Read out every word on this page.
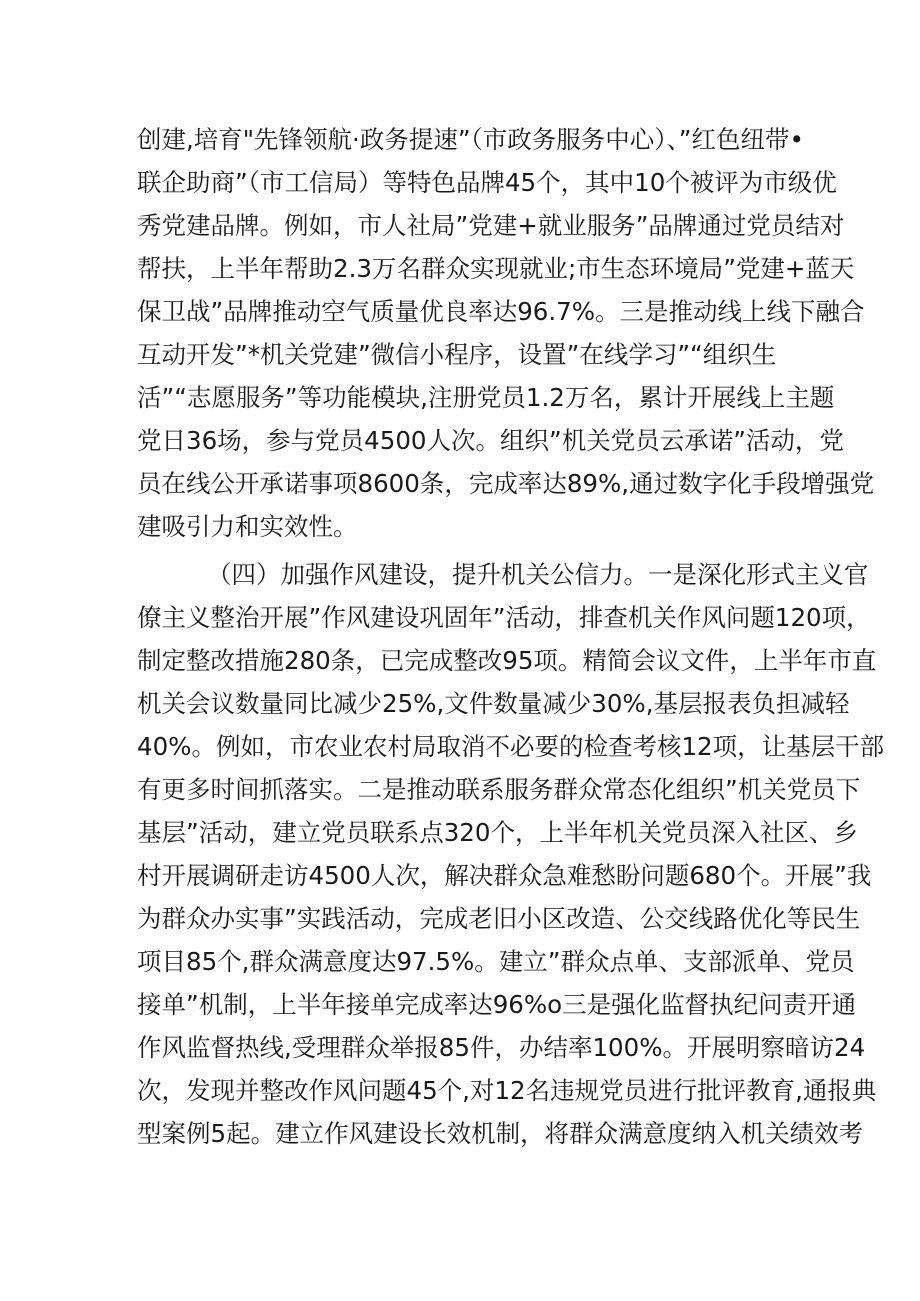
创建,培育"先锋领航·政务提速”（市政务服务中心）、”红色纽带•
联企助商”（市工信局）等特色品牌45个，其中10个被评为市级优
秀党建品牌。例如，市人社局”党建+就业服务”品牌通过党员结对
帮扶，上半年帮助2.3万名群众实现就业;市生态环境局”党建+蓝天
保卫战”品牌推动空气质量优良率达96.7%。三是推动线上线下融合
互动开发”*机关党建”微信小程序，设置”在线学习”“组织生
活”“志愿服务”等功能模块,注册党员1.2万名，累计开展线上主题
党日36场，参与党员4500人次。组织”机关党员云承诺”活动，党
员在线公开承诺事项8600条，完成率达89%,通过数字化手段增强党
建吸引力和实效性。
（四）加强作风建设，提升机关公信力。一是深化形式主义官
僚主义整治开展”作风建设巩固年”活动，排查机关作风问题120项，
制定整改措施280条，已完成整改95项。精简会议文件，上半年市直
机关会议数量同比减少25%,文件数量减少30%,基层报表负担减轻
40%。例如，市农业农村局取消不必要的检查考核12项，让基层干部
有更多时间抓落实。二是推动联系服务群众常态化组织”机关党员下
基层”活动，建立党员联系点320个，上半年机关党员深入社区、乡
村开展调研走访4500人次，解决群众急难愁盼问题680个。开展”我
为群众办实事”实践活动，完成老旧小区改造、公交线路优化等民生
项目85个,群众满意度达97.5%。建立”群众点单、支部派单、党员
接单”机制，上半年接单完成率达96%o三是强化监督执纪问责开通
作风监督热线,受理群众举报85件，办结率100%。开展明察暗访24
次，发现并整改作风问题45个,对12名违规党员进行批评教育,通报典
型案例5起。建立作风建设长效机制，将群众满意度纳入机关绩效考
